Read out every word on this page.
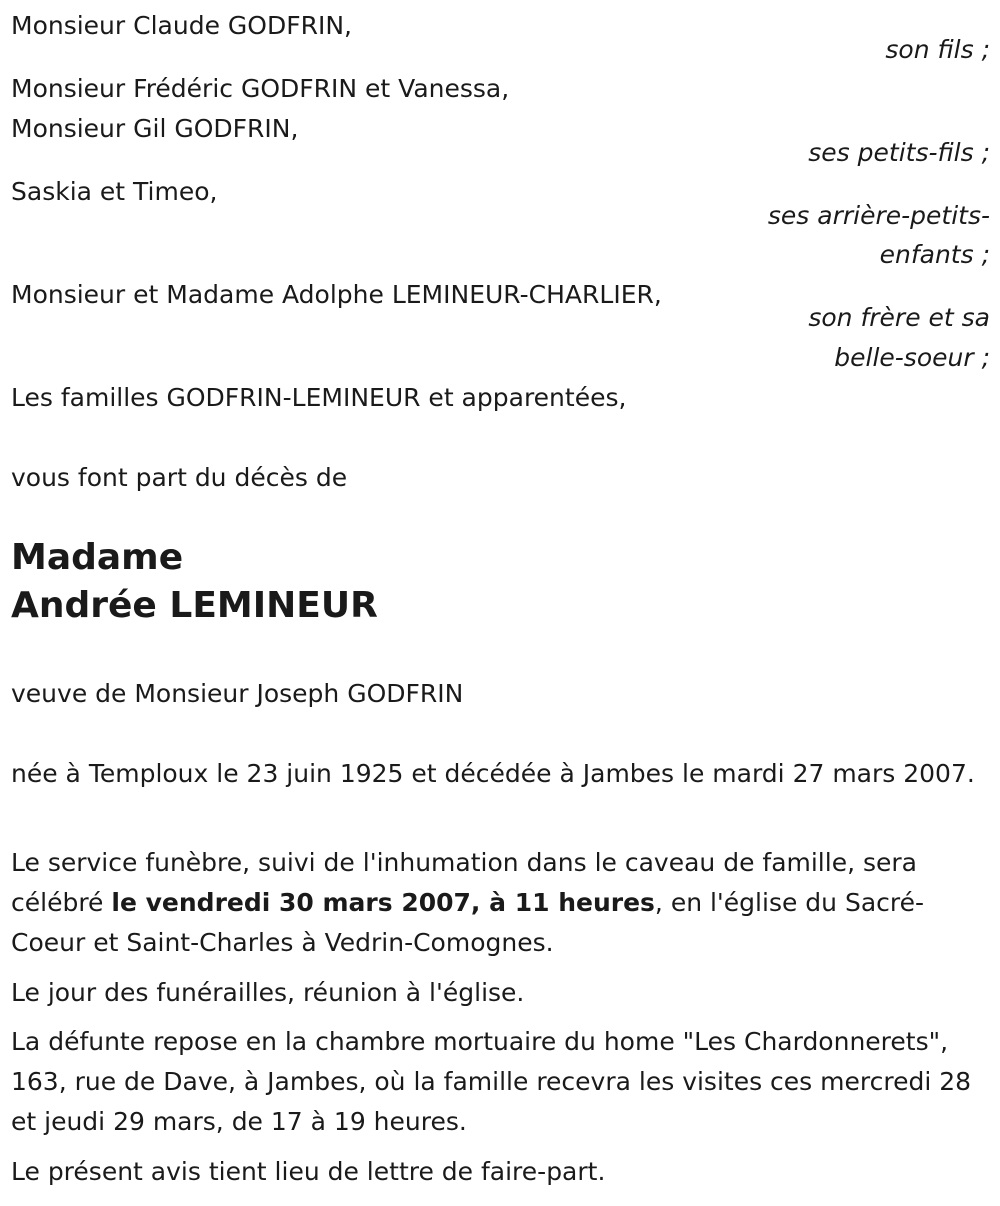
Monsieur Claude GODFRIN,
son fils ;
Monsieur Frédéric GODFRIN et Vanessa,
Monsieur Gil GODFRIN,
ses petits-fils ;
Saskia et Timeo,
ses arrière-petits-
enfants ;
Monsieur et Madame Adolphe LEMINEUR-CHARLIER,
son frère et sa
belle-soeur ;
Les familles GODFRIN-LEMINEUR et apparentées,
vous font part du décès de
Madame
Andrée LEMINEUR
veuve de Monsieur Joseph GODFRIN
née à Temploux le 23 juin 1925 et décédée à Jambes le mardi 27 mars 2007.
Le service funèbre, suivi de l'inhumation dans le caveau de famille, sera célébré le vendredi 30 mars 2007, à 11 heures, en l'église du Sacré-Coeur et Saint-Charles à Vedrin-Comognes.
Le jour des funérailles, réunion à l'église.
La défunte repose en la chambre mortuaire du home "Les Chardonnerets", 163, rue de Dave, à Jambes, où la famille recevra les visites ces mercredi 28 et jeudi 29 mars, de 17 à 19 heures.
Le présent avis tient lieu de lettre de faire-part.
